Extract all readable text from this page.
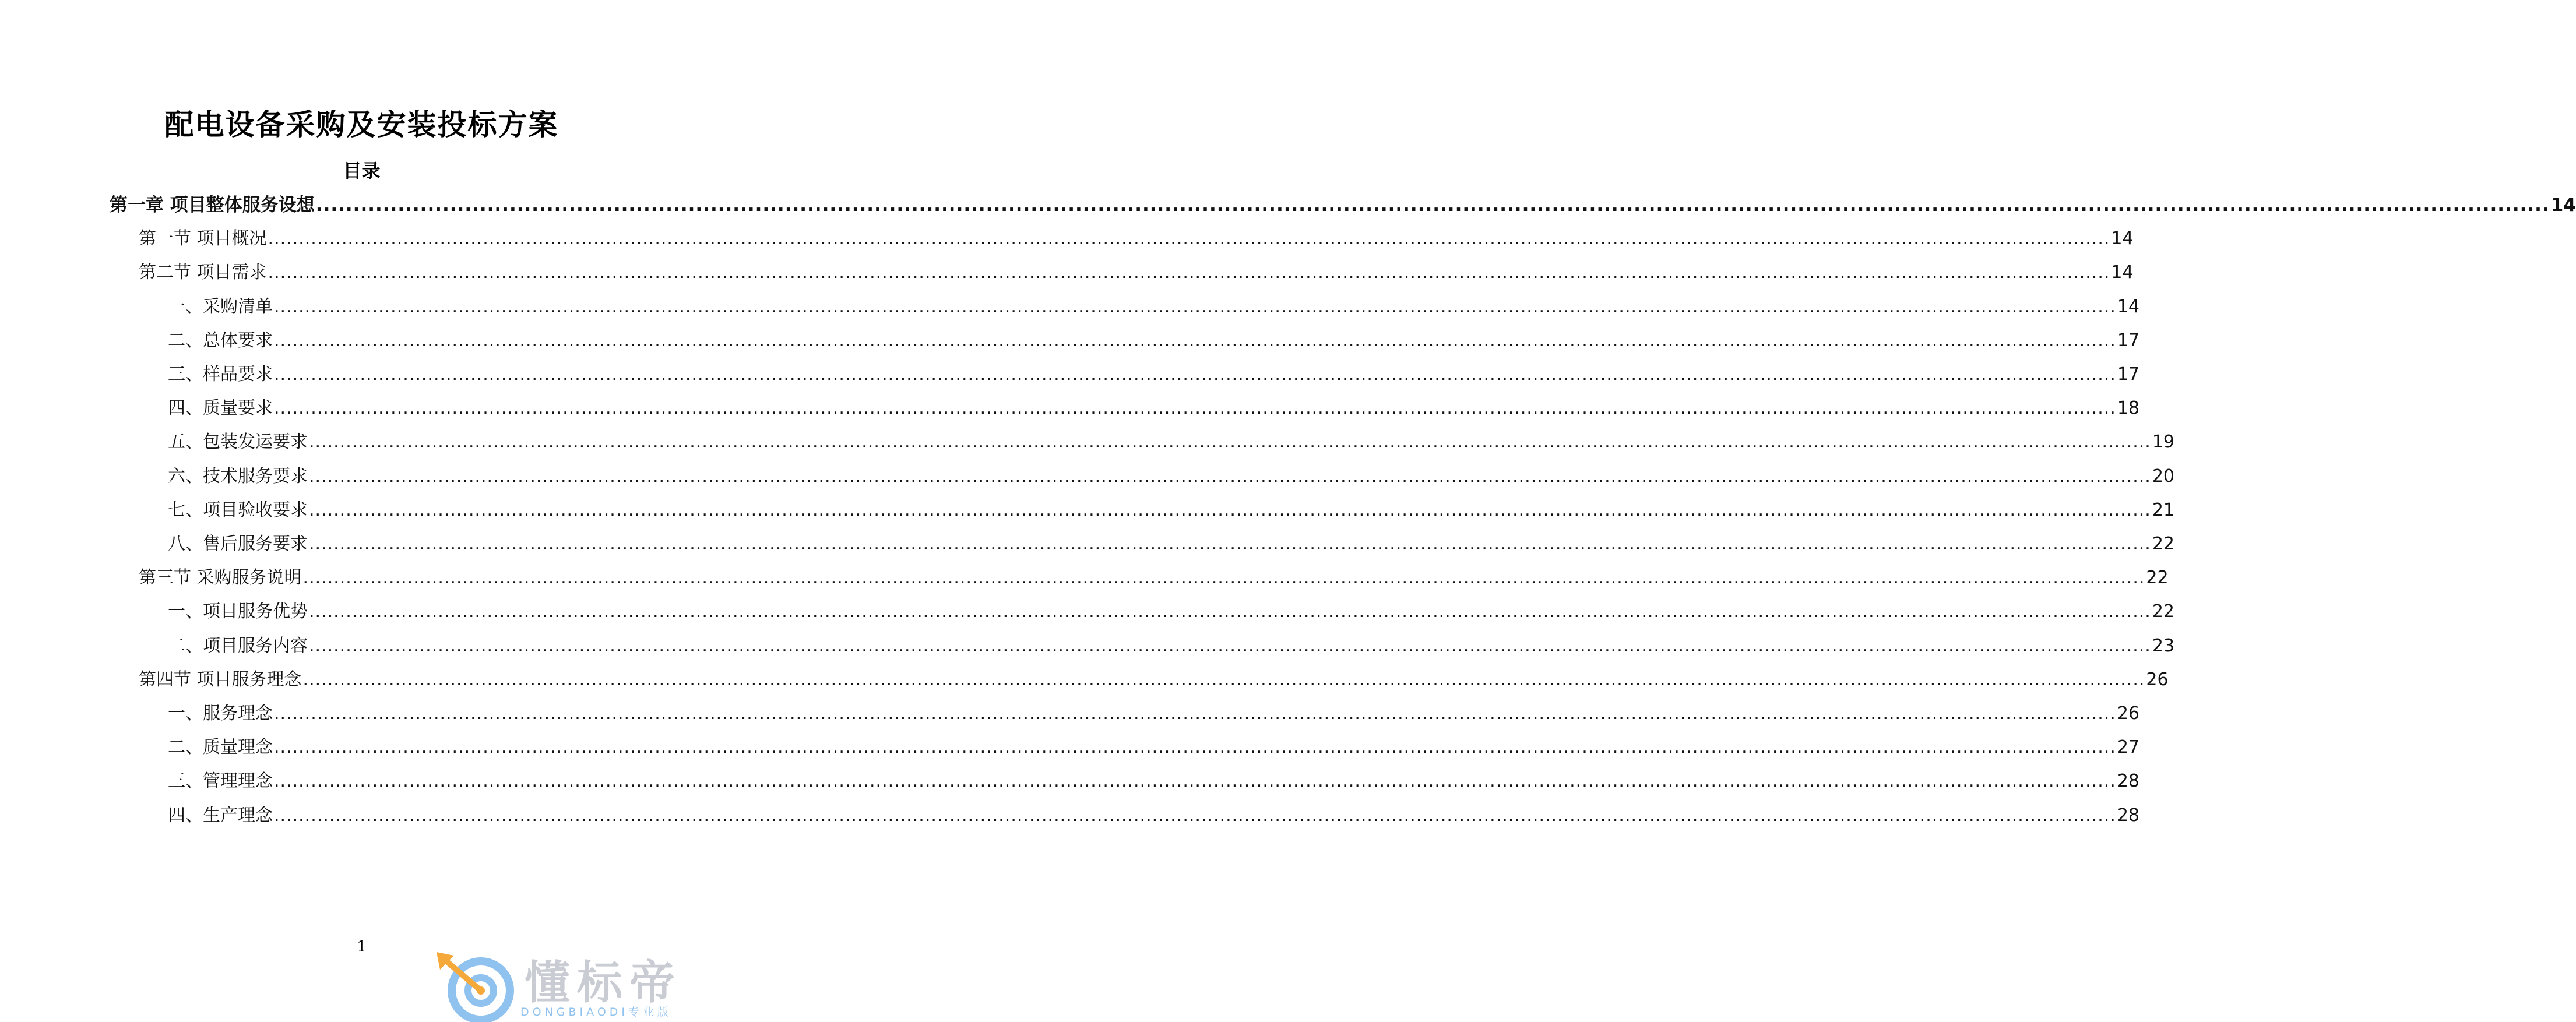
配电设备采购及安装投标方案
目录
第一章 项目整体服务设想 ............................................................................................................................................................................................................................................................................................................ 14
第一节 项目概况 ............................................................................................................................................................................................................................................................................................................ 14
第二节 项目需求 ............................................................................................................................................................................................................................................................................................................ 14
一、采购清单 ............................................................................................................................................................................................................................................................................................................ 14
二、总体要求 ............................................................................................................................................................................................................................................................................................................ 17
三、样品要求 ............................................................................................................................................................................................................................................................................................................ 17
四、质量要求 ............................................................................................................................................................................................................................................................................................................ 18
五、包装发运要求 ............................................................................................................................................................................................................................................................................................................ 19
六、技术服务要求 ............................................................................................................................................................................................................................................................................................................ 20
七、项目验收要求 ............................................................................................................................................................................................................................................................................................................ 21
八、售后服务要求 ............................................................................................................................................................................................................................................................................................................ 22
第三节 采购服务说明 ............................................................................................................................................................................................................................................................................................................ 22
一、项目服务优势 ............................................................................................................................................................................................................................................................................................................ 22
二、项目服务内容 ............................................................................................................................................................................................................................................................................................................ 23
第四节 项目服务理念 ............................................................................................................................................................................................................................................................................................................ 26
一、服务理念 ............................................................................................................................................................................................................................................................................................................ 26
二、质量理念 ............................................................................................................................................................................................................................................................................................................ 27
三、管理理念 ............................................................................................................................................................................................................................................................................................................ 28
四、生产理念 ............................................................................................................................................................................................................................................................................................................ 28
1
懂标帝
DONGBIAODI专业版
